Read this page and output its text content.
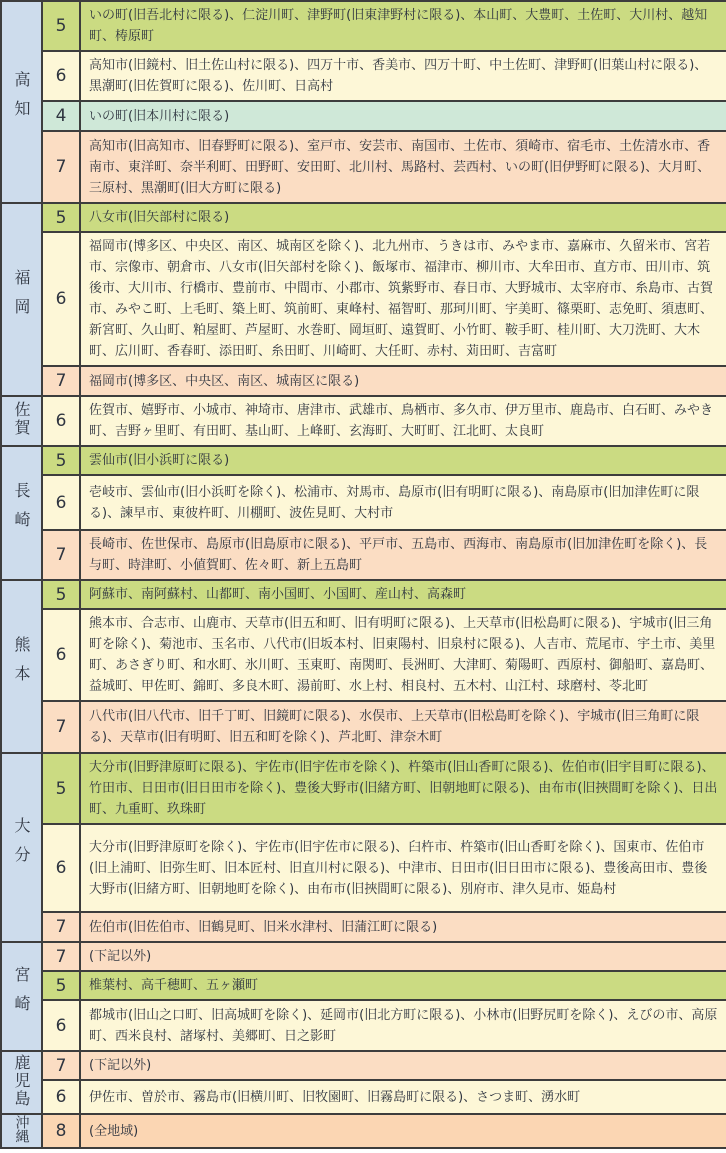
高知	5	いの町(旧吾北村に限る)、仁淀川町、津野町(旧東津野村に限る)、本山町、大豊町、土佐町、大川村、越知町、梼原町
	6	高知市(旧鏡村、旧土佐山村に限る)、四万十市、香美市、四万十町、中土佐町、津野町(旧葉山村に限る)、黒潮町(旧佐賀町に限る)、佐川町、日高村
	4	いの町(旧本川村に限る)
	7	高知市(旧高知市、旧春野町に限る)、室戸市、安芸市、南国市、土佐市、須崎市、宿毛市、土佐清水市、香南市、東洋町、奈半利町、田野町、安田町、北川村、馬路村、芸西村、いの町(旧伊野町に限る)、大月町、三原村、黒潮町(旧大方町に限る)
福岡	5	八女市(旧矢部村に限る)
	6	福岡市(博多区、中央区、南区、城南区を除く)、北九州市、うきは市、みやま市、嘉麻市、久留米市、宮若市、宗像市、朝倉市、八女市(旧矢部村を除く)、飯塚市、福津市、柳川市、大牟田市、直方市、田川市、筑後市、大川市、行橋市、豊前市、中間市、小郡市、筑紫野市、春日市、大野城市、太宰府市、糸島市、古賀市、みやこ町、上毛町、築上町、筑前町、東峰村、福智町、那珂川町、宇美町、篠栗町、志免町、須恵町、新宮町、久山町、粕屋町、芦屋町、水巻町、岡垣町、遠賀町、小竹町、鞍手町、桂川町、大刀洗町、大木町、広川町、香春町、添田町、糸田町、川崎町、大任町、赤村、苅田町、吉富町
	7	福岡市(博多区、中央区、南区、城南区に限る)
佐賀	6	佐賀市、嬉野市、小城市、神埼市、唐津市、武雄市、鳥栖市、多久市、伊万里市、鹿島市、白石町、みやき町、吉野ヶ里町、有田町、基山町、上峰町、玄海町、大町町、江北町、太良町
長崎	5	雲仙市(旧小浜町に限る)
	6	壱岐市、雲仙市(旧小浜町を除く)、松浦市、対馬市、島原市(旧有明町に限る)、南島原市(旧加津佐町に限る)、諫早市、東彼杵町、川棚町、波佐見町、大村市
	7	長崎市、佐世保市、島原市(旧島原市に限る)、平戸市、五島市、西海市、南島原市(旧加津佐町を除く)、長与町、時津町、小値賀町、佐々町、新上五島町
熊本	5	阿蘇市、南阿蘇村、山都町、南小国町、小国町、産山村、高森町
	6	熊本市、合志市、山鹿市、天草市(旧五和町、旧有明町に限る)、上天草市(旧松島町に限る)、宇城市(旧三角町を除く)、菊池市、玉名市、八代市(旧坂本村、旧東陽村、旧泉村に限る)、人吉市、荒尾市、宇土市、美里町、あさぎり町、和水町、氷川町、玉東町、南関町、長洲町、大津町、菊陽町、西原村、御船町、嘉島町、益城町、甲佐町、錦町、多良木町、湯前町、水上村、相良村、五木村、山江村、球磨村、苓北町
	7	八代市(旧八代市、旧千丁町、旧鏡町に限る)、水俣市、上天草市(旧松島町を除く)、宇城市(旧三角町に限る)、天草市(旧有明町、旧五和町を除く)、芦北町、津奈木町
大分	5	大分市(旧野津原町に限る)、宇佐市(旧宇佐市を除く)、杵築市(旧山香町に限る)、佐伯市(旧宇目町に限る)、竹田市、日田市(旧日田市を除く)、豊後大野市(旧緒方町、旧朝地町に限る)、由布市(旧挾間町を除く)、日出町、九重町、玖珠町
	6	大分市(旧野津原町を除く)、宇佐市(旧宇佐市に限る)、臼杵市、杵築市(旧山香町を除く)、国東市、佐伯市(旧上浦町、旧弥生町、旧本匠村、旧直川村に限る)、中津市、日田市(旧日田市に限る)、豊後高田市、豊後大野市(旧緒方町、旧朝地町を除く)、由布市(旧挾間町に限る)、別府市、津久見市、姫島村
	7	佐伯市(旧佐伯市、旧鶴見町、旧米水津村、旧蒲江町に限る)
宮崎	7	(下記以外)
	5	椎葉村、高千穂町、五ヶ瀬町
	6	都城市(旧山之口町、旧高城町を除く)、延岡市(旧北方町に限る)、小林市(旧野尻町を除く)、えびの市、高原町、西米良村、諸塚村、美郷町、日之影町
鹿児島	7	(下記以外)
	6	伊佐市、曽於市、霧島市(旧横川町、旧牧園町、旧霧島町に限る)、さつま町、湧水町
沖縄	8	(全地域)
